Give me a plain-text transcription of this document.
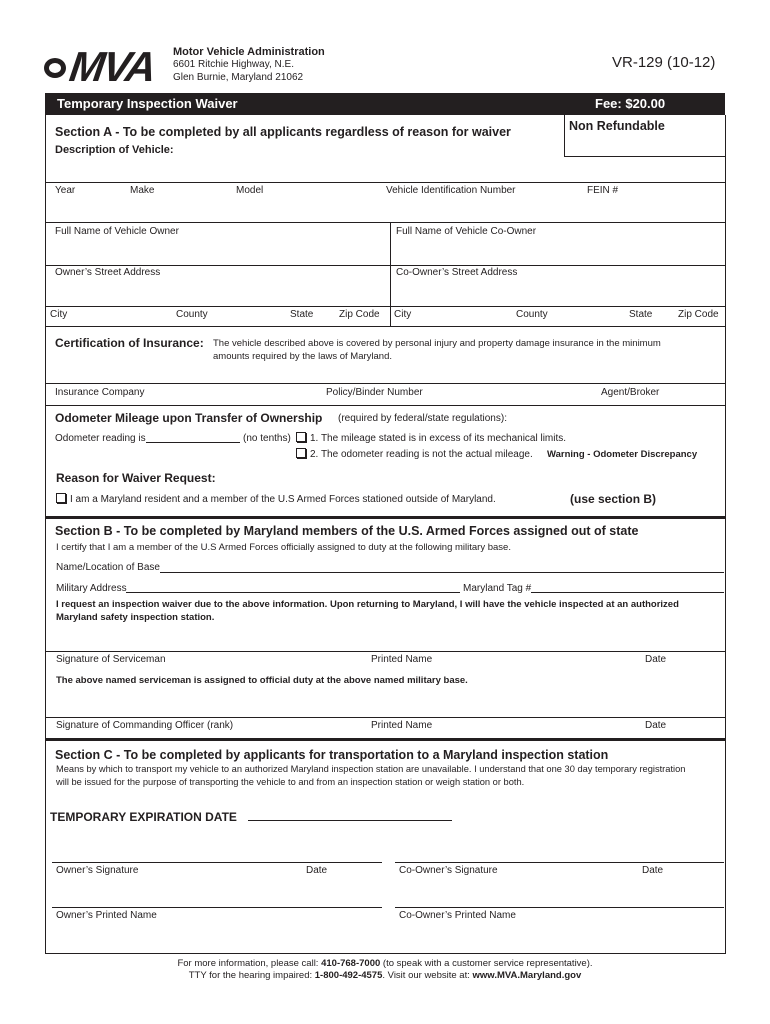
MVA Motor Vehicle Administration
6601 Ritchie Highway, N.E.
Glen Burnie, Maryland 21062
VR-129 (10-12)
Temporary Inspection Waiver	Fee: $20.00
Section A - To be completed by all applicants regardless of reason for waiver	Non Refundable
Description of Vehicle:
Year	Make	Model	Vehicle Identification Number	FEIN #
Full Name of Vehicle Owner	Full Name of Vehicle Co-Owner
Owner’s Street Address	Co-Owner’s Street Address
City	County	State	Zip Code City	County	State	Zip Code
Certification of Insurance: The vehicle described above is covered by personal injury and property damage insurance in the minimum
amounts required by the laws of Maryland.
Insurance Company	Policy/Binder Number	Agent/Broker
Odometer Mileage upon Transfer of Ownership (required by federal/state regulations):
Odometer reading is	(no tenths)	1. The mileage stated is in excess of its mechanical limits.
2. The odometer reading is not the actual mileage. Warning - Odometer Discrepancy
Reason for Waiver Request:
I am a Maryland resident and a member of the U.S Armed Forces stationed outside of Maryland.	(use section B)
Section B - To be completed by Maryland members of the U.S. Armed Forces assigned out of state
I certify that I am a member of the U.S Armed Forces officially assigned to duty at the following military base.
Name/Location of Base
Military Address	Maryland Tag #
I request an inspection waiver due to the above information. Upon returning to Maryland, I will have the vehicle inspected at an authorized
Maryland safety inspection station.
Signature of Serviceman	Printed Name	Date
The above named serviceman is assigned to official duty at the above named military base.
Signature of Commanding Officer (rank)	Printed Name	Date
Section C - To be completed by applicants for transportation to a Maryland inspection station
Means by which to transport my vehicle to an authorized Maryland inspection station are unavailable. I understand that one 30 day temporary registration
will be issued for the purpose of transporting the vehicle to and from an inspection station or weigh station or both.
TEMPORARY EXPIRATION DATE
Owner’s Signature	Date	Co-Owner’s Signature	Date
Owner’s Printed Name	Co-Owner’s Printed Name
For more information, please call: 410-768-7000 (to speak with a customer service representative).
TTY for the hearing impaired: 1-800-492-4575. Visit our website at: www.MVA.Maryland.gov
